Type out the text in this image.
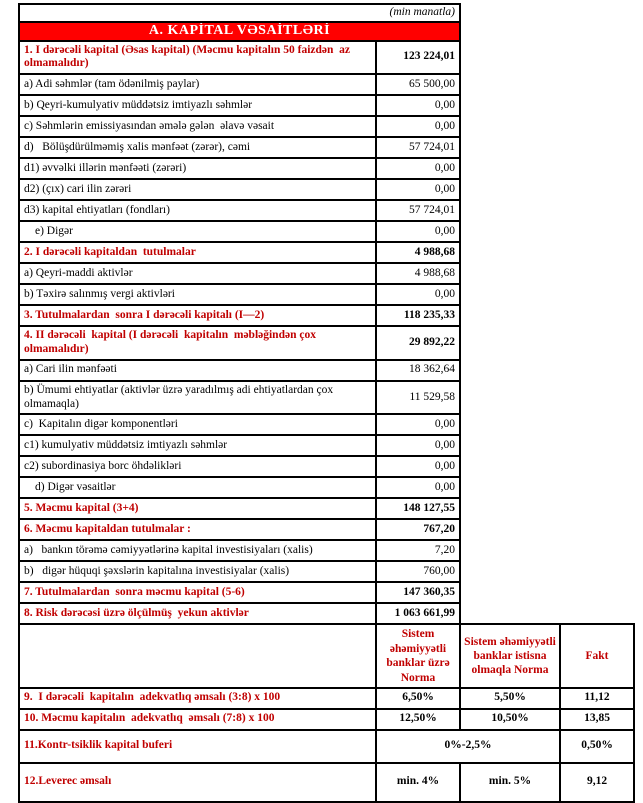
(min manatla)			
A. KAPİTAL VƏSAİTLƏRİ			
1. I dərəcəli kapital (Əsas kapital) (Məcmu kapitalın 50 faizdən  az olmamalıdır)	123 224,01		
a) Adi səhmlər (tam ödənilmiş paylar)	65 500,00		
b) Qeyri-kumulyativ müddətsiz imtiyazlı səhmlər	0,00		
c) Səhmlərin emissiyasından əmələ gələn  əlavə vəsait	0,00		
d)   Bölüşdürülməmiş xalis mənfəət (zərər), cəmi	57 724,01		
d1) əvvəlki illərin mənfəəti (zərəri)	0,00		
d2) (çıx) cari ilin zərəri	0,00		
d3) kapital ehtiyatları (fondları)	57 724,01		
e) Digər	0,00		
2. I dərəcəli kapitaldan  tutulmalar	4 988,68		
a) Qeyri-maddi aktivlər	4 988,68		
b) Təxirə salınmış vergi aktivləri	0,00		
3. Tutulmalardan  sonra I dərəcəli kapitalı (I—2)	118 235,33		
4. II dərəcəli  kapital (I dərəcəli  kapitalın  məbləğindən çox olmamalıdır)	29 892,22		
a) Cari ilin mənfəəti	18 362,64		
b) Ümumi ehtiyatlar (aktivlər üzrə yaradılmış adi ehtiyatlardan çox olmamaqla)	11 529,58		
c)  Kapitalın digər komponentləri	0,00		
c1) kumulyativ müddətsiz imtiyazlı səhmlər	0,00		
c2) subordinasiya borc öhdəlikləri	0,00		
d) Digər vəsaitlər	0,00		
5. Məcmu kapital (3+4)	148 127,55		
6. Məcmu kapitaldan tutulmalar :	767,20		
a)   bankın törəmə cəmiyyətlərinə kapital investisiyaları (xalis)	7,20		
b)   digər hüquqi şəxslərin kapitalına investisiyalar (xalis)	760,00		
7. Tutulmalardan  sonra məcmu kapital (5-6)	147 360,35		
8. Risk dərəcəsi üzrə ölçülmüş  yekun aktivlər	1 063 661,99		
	Sistem əhəmiyyətli banklar üzrə Norma	Sistem əhəmiyyətli banklar istisna olmaqla Norma	Fakt
9.  I dərəcəli  kapitalın  adekvatlıq əmsalı (3:8) x 100	6,50%	5,50%	11,12
10. Məcmu kapitalın  adekvatlıq  əmsalı (7:8) x 100	12,50%	10,50%	13,85
11.Kontr-tsiklik kapital buferi	0%-2,5%		0,50%
12.Leverec əmsalı	min. 4%	min. 5%	9,12
